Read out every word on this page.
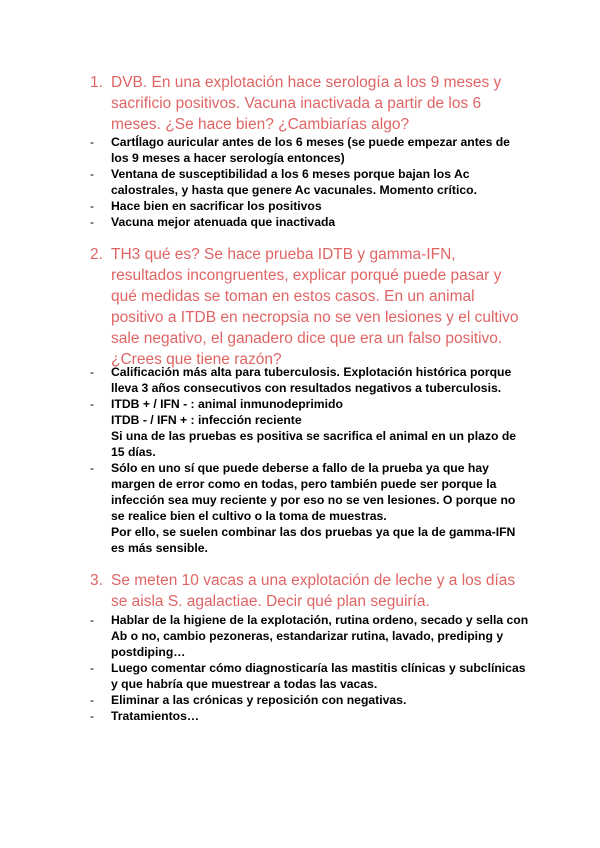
1. DVB. En una explotación hace serología a los 9 meses y sacrificio positivos. Vacuna inactivada a partir de los 6 meses. ¿Se hace bien? ¿Cambiarías algo?
- CartÍlago auricular antes de los 6 meses (se puede empezar antes de los 9 meses a hacer serología entonces)
- Ventana de susceptibilidad a los 6 meses porque bajan los Ac calostrales, y hasta que genere Ac vacunales. Momento crítico.
- Hace bien en sacrificar los positivos
- Vacuna mejor atenuada que inactivada
2. TH3 qué es? Se hace prueba IDTB y gamma-IFN, resultados incongruentes, explicar porqué puede pasar y qué medidas se toman en estos casos. En un animal positivo a ITDB en necropsia no se ven lesiones y el cultivo sale negativo, el ganadero dice que era un falso positivo. ¿Crees que tiene razón?
- Calificación más alta para tuberculosis. Explotación histórica porque lleva 3 años consecutivos con resultados negativos a tuberculosis.
- ITDB + / IFN - : animal inmunodeprimido
ITDB - / IFN + : infección reciente
Si una de las pruebas es positiva se sacrifica el animal en un plazo de 15 días.
- Sólo en uno sí que puede deberse a fallo de la prueba ya que hay margen de error como en todas, pero también puede ser porque la infección sea muy reciente y por eso no se ven lesiones. O porque no se realice bien el cultivo o la toma de muestras.
Por ello, se suelen combinar las dos pruebas ya que la de gamma-IFN es más sensible.
3. Se meten 10 vacas a una explotación de leche y a los días se aisla S. agalactiae. Decir qué plan seguiría.
- Hablar de la higiene de la explotación, rutina ordeno, secado y sella con Ab o no, cambio pezoneras, estandarizar rutina, lavado, prediping y postdiping…
- Luego comentar cómo diagnosticaría las mastitis clínicas y subclínicas y que habría que muestrear a todas las vacas.
- Eliminar a las crónicas y reposición con negativas.
- Tratamientos…
